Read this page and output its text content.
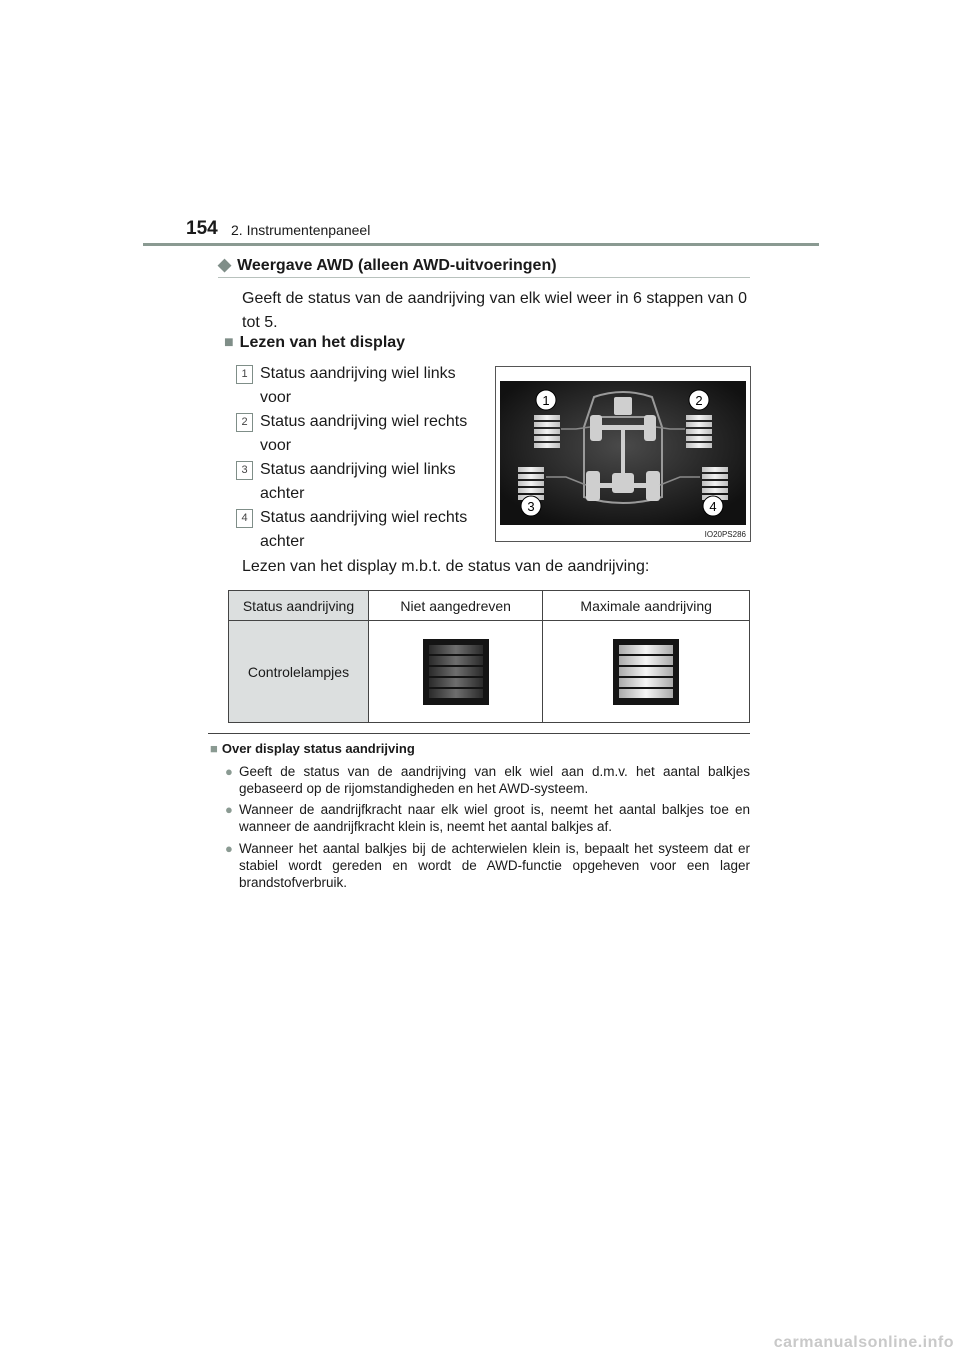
154 2. Instrumentenpaneel
◆ Weergave AWD (alleen AWD-uitvoeringen)
Geeft de status van de aandrijving van elk wiel weer in 6 stappen van 0 tot 5.
■ Lezen van het display
1 Status aandrijving wiel links voor
2 Status aandrijving wiel rechts voor
3 Status aandrijving wiel links achter
4 Status aandrijving wiel rechts achter
1	2
3	4
IO20PS286
Lezen van het display m.b.t. de status van de aandrijving:
Status aandrijving	Niet aangedreven	Maximale aandrijving
Controlelampjes		
■ Over display status aandrijving
● Geeft de status van de aandrijving van elk wiel aan d.m.v. het aantal balkjes gebaseerd op de rijomstandigheden en het AWD-systeem.
● Wanneer de aandrijfkracht naar elk wiel groot is, neemt het aantal balkjes toe en wanneer de aandrijfkracht klein is, neemt het aantal balkjes af.
● Wanneer het aantal balkjes bij de achterwielen klein is, bepaalt het systeem dat er stabiel wordt gereden en wordt de AWD-functie opgeheven voor een lager brandstofverbruik.
carmanualsonline.info
